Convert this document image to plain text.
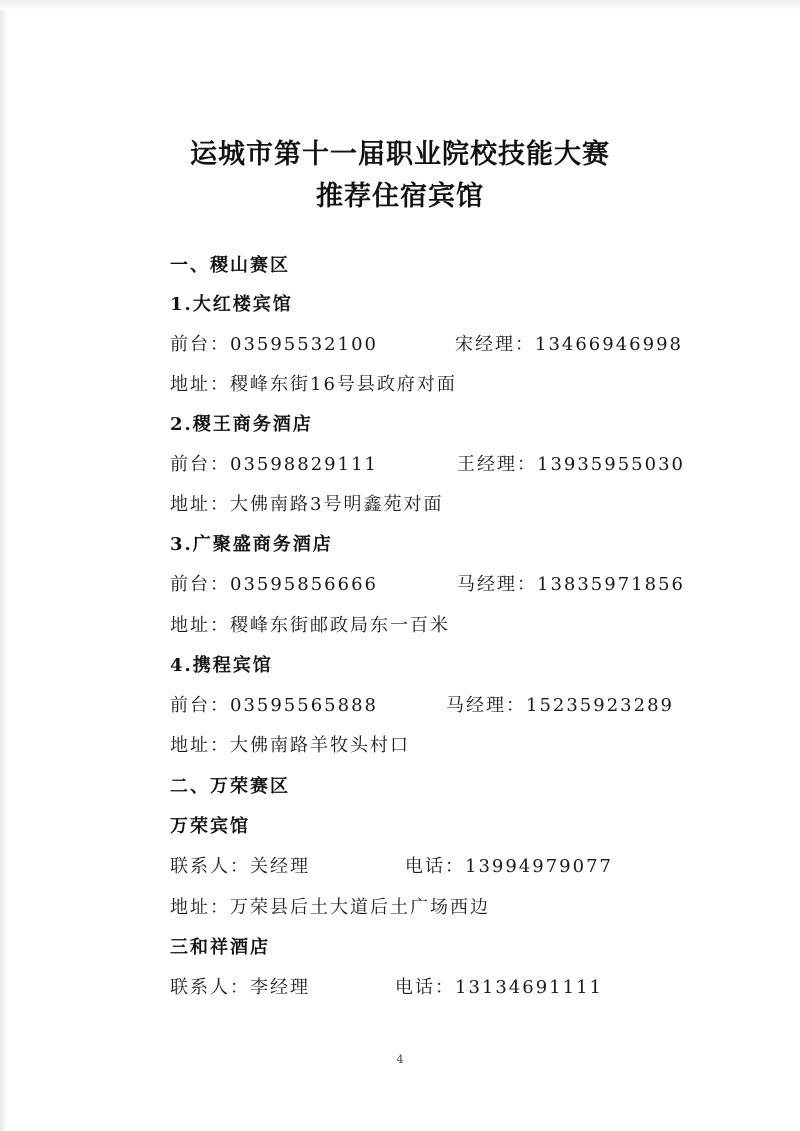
运城市第十一届职业院校技能大赛
推荐住宿宾馆
一、稷山赛区
1.大红楼宾馆
前台：03595532100	宋经理：13466946998
地址：稷峰东街16号县政府对面
2.稷王商务酒店
前台：03598829111	王经理：13935955030
地址：大佛南路3号明鑫苑对面
3.广聚盛商务酒店
前台：03595856666	马经理：13835971856
地址：稷峰东街邮政局东一百米
4.携程宾馆
前台：03595565888	马经理：15235923289
地址：大佛南路羊牧头村口
二、万荣赛区
万荣宾馆
联系人：关经理	电话：13994979077
地址：万荣县后土大道后土广场西边
三和祥酒店
联系人：李经理	电话：13134691111
4
